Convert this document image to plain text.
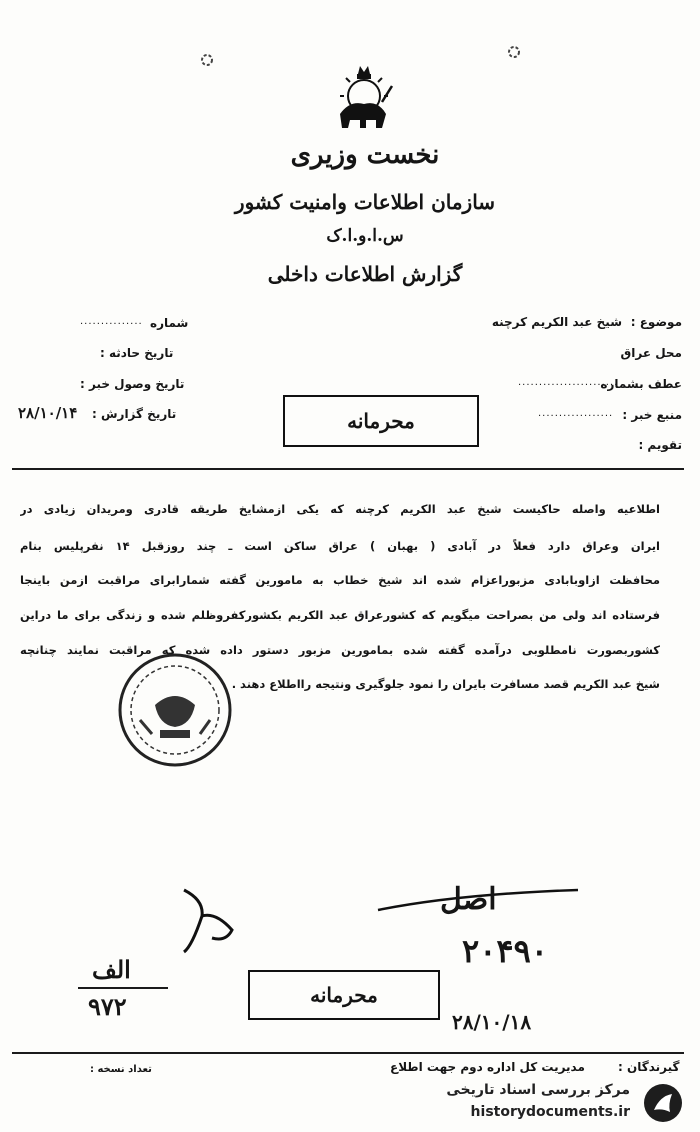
نخست وزیری
سازمان اطلاعات وامنیت کشور
س.ا.و.ا.ک
گزارش اطلاعات داخلی
موضوع :
شیخ عبد الکریم کرچنه
محل عراق
عطف بشماره
........................
منبع خبر :
..................
تقویم :
شماره
...............
تاریخ حادثه :
تاریخ وصول خبر :
تاریخ گزارش :
۲۸/۱۰/۱۴	محرمانه
اطلاعیه واصله حاکیست شیخ عبد الکریم کرچنه که یکی ازمشایخ طریقه قادری ومریدان زیادی در
ایران وعراق دارد فعلاً در آبادی ( بهبان ) عراق ساکن است ـ چند روزقبل ۱۴ نفرپلیس بنام
محافظت ازاوبابادی مزبوراعزام شده اند شیخ خطاب به مامورین گفته شمارابرای مراقبت ازمن باینجا
فرستاده اند ولی من بصراحت میگویم که کشورعراق عبد الکریم بکشورکفروظلم شده و زندگی برای ما دراین
کشوربصورت نامطلوبی درآمده گفته شده بمامورین مزبور دستور داده شده که مراقبت نمایند چنانچه
شیخ عبد الکریم قصد مسافرت بایران را نمود جلوگیری ونتیجه رااطلاع دهند .
اصل
۲۰۴۹۰
۲۸/۱۰/۱۸
الف
۹۷۲	محرمانه
گیرندگان :
مدیریت کل اداره دوم جهت اطلاع
تعداد نسخه :
مرکز بررسی اسناد تاریخی
historydocuments.ir
